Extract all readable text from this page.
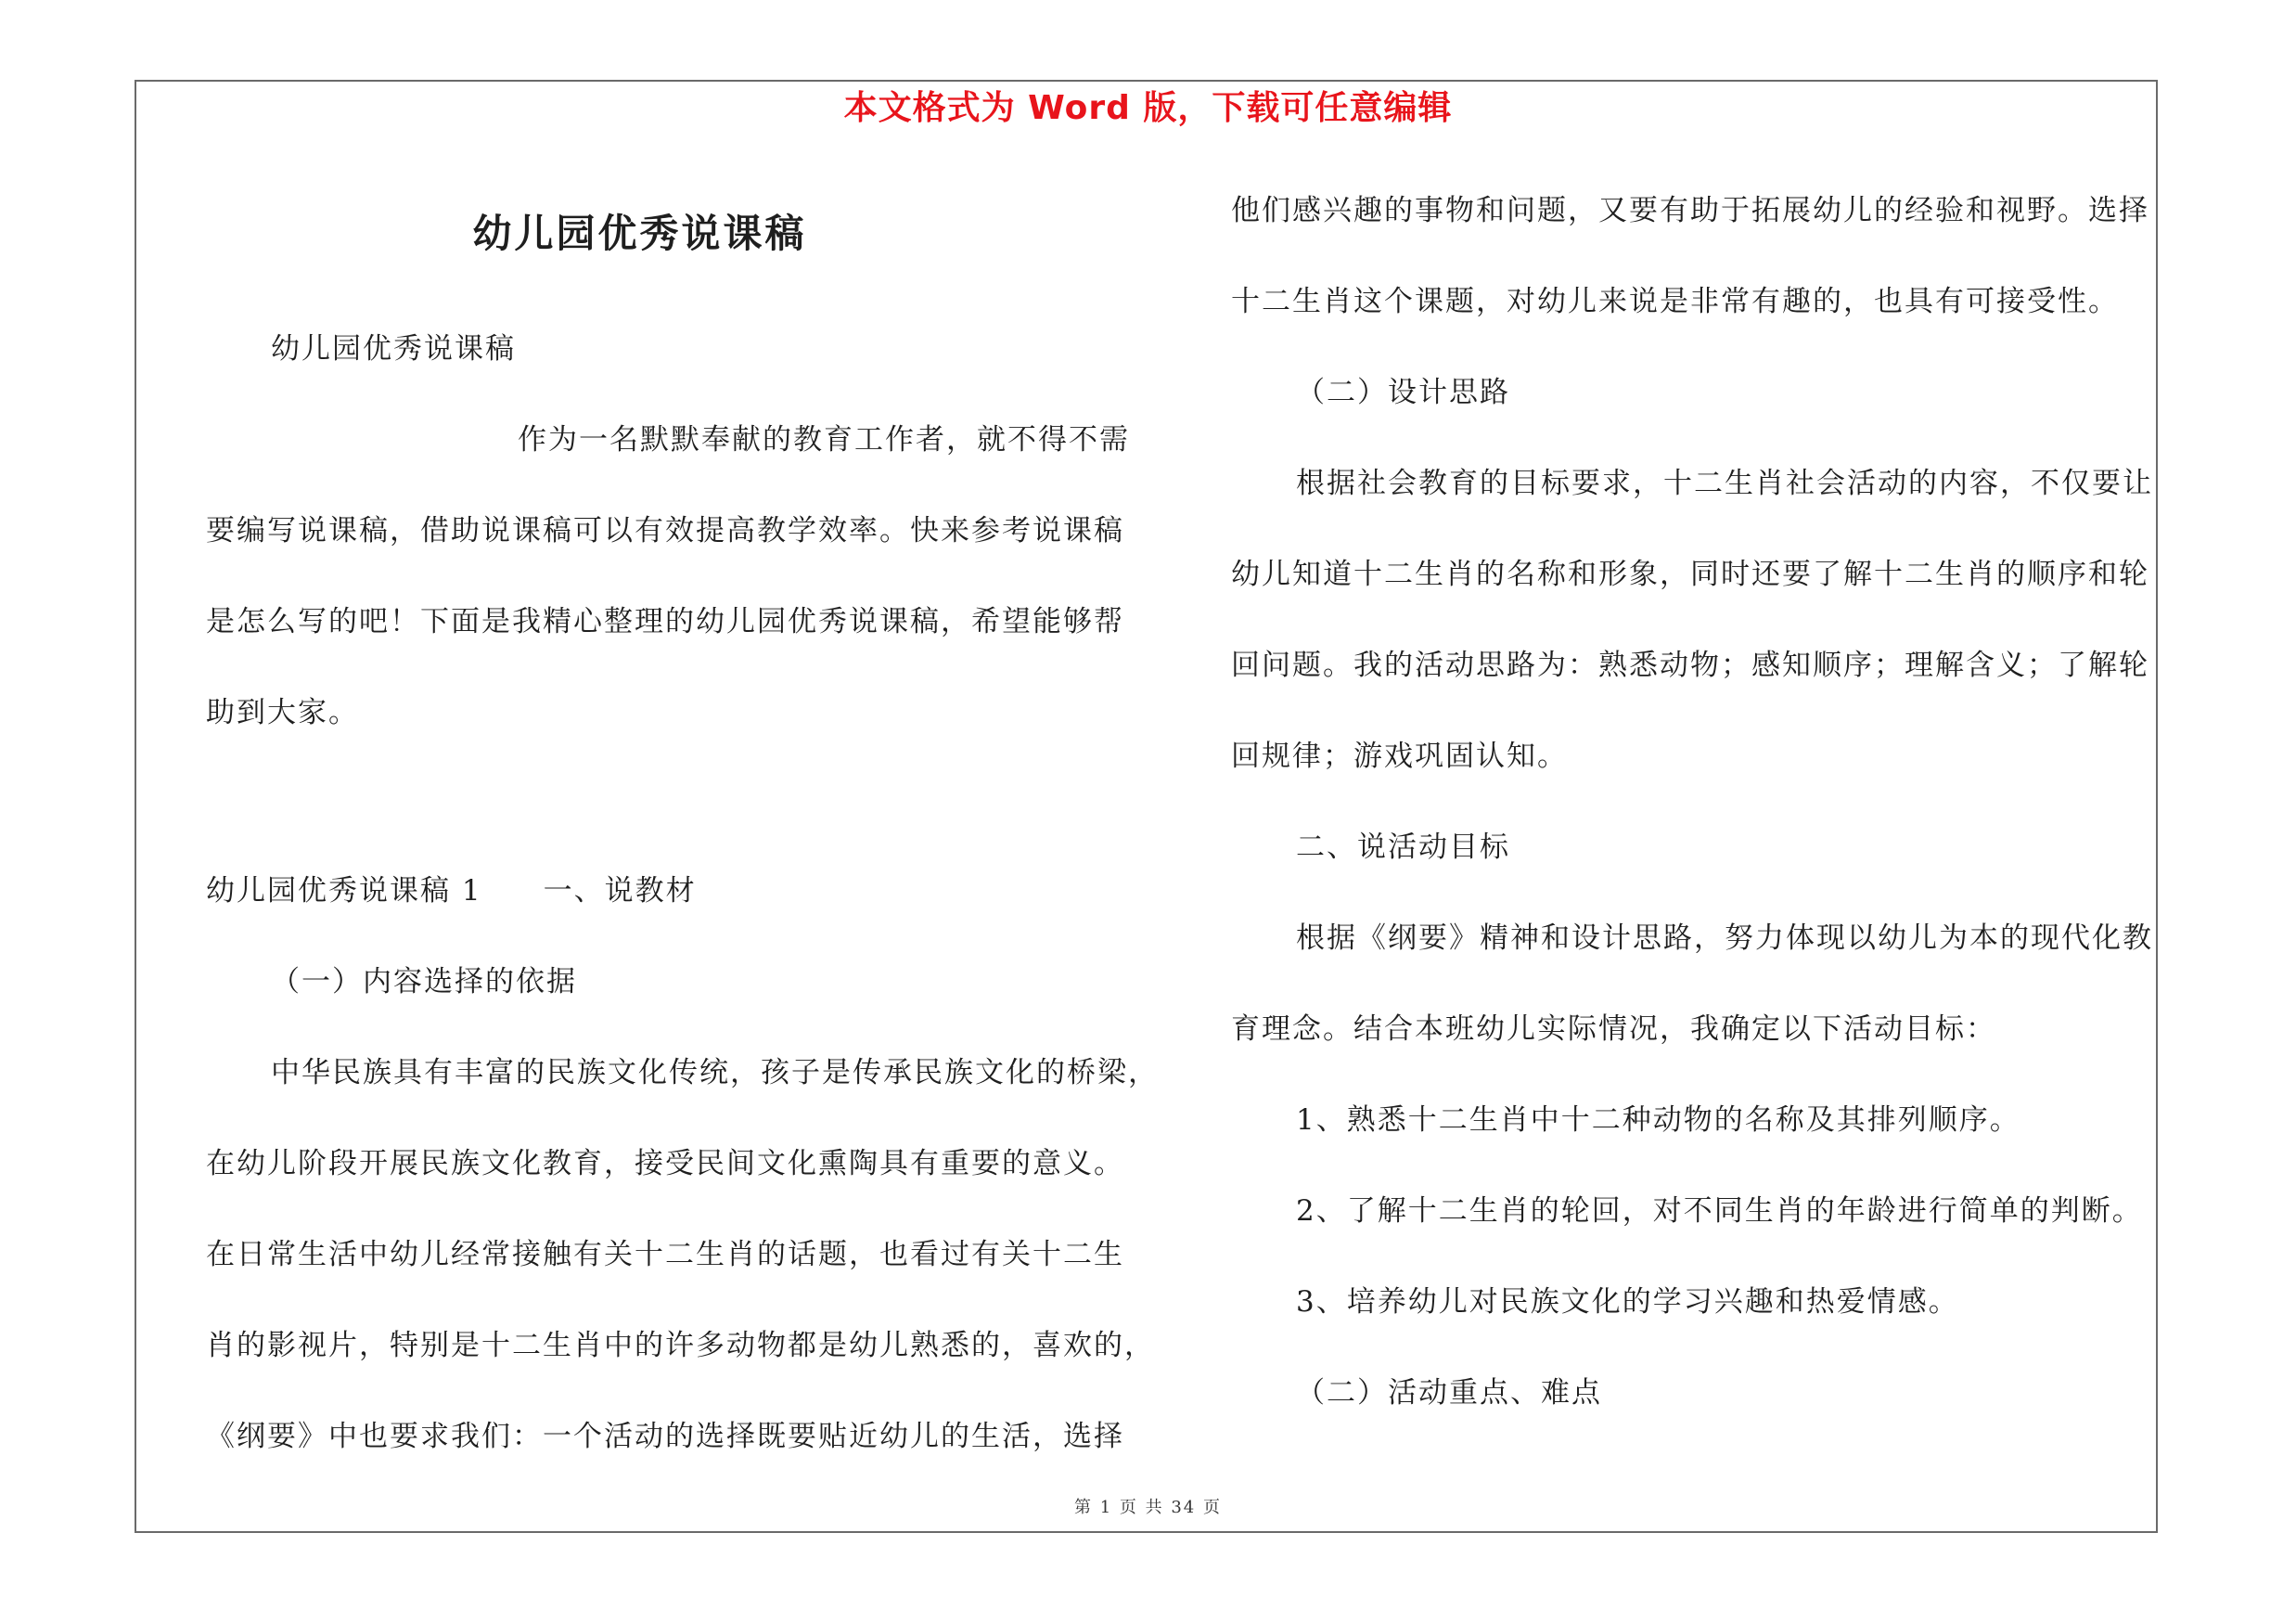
本文格式为 Word 版，下载可任意编辑
幼儿园优秀说课稿
幼儿园优秀说课稿
作为一名默默奉献的教育工作者，就不得不需
要编写说课稿，借助说课稿可以有效提高教学效率。快来参考说课稿
是怎么写的吧！下面是我精心整理的幼儿园优秀说课稿，希望能够帮
助到大家。
幼儿园优秀说课稿 1　　一、说教材
（一）内容选择的依据
中华民族具有丰富的民族文化传统，孩子是传承民族文化的桥梁，
在幼儿阶段开展民族文化教育，接受民间文化熏陶具有重要的意义。
在日常生活中幼儿经常接触有关十二生肖的话题，也看过有关十二生
肖的影视片，特别是十二生肖中的许多动物都是幼儿熟悉的，喜欢的，
《纲要》中也要求我们：一个活动的选择既要贴近幼儿的生活，选择
他们感兴趣的事物和问题，又要有助于拓展幼儿的经验和视野。选择
十二生肖这个课题，对幼儿来说是非常有趣的，也具有可接受性。
（二）设计思路
根据社会教育的目标要求，十二生肖社会活动的内容，不仅要让
幼儿知道十二生肖的名称和形象，同时还要了解十二生肖的顺序和轮
回问题。我的活动思路为：熟悉动物；感知顺序；理解含义；了解轮
回规律；游戏巩固认知。
二、说活动目标
根据《纲要》精神和设计思路，努力体现以幼儿为本的现代化教
育理念。结合本班幼儿实际情况，我确定以下活动目标：
1、熟悉十二生肖中十二种动物的名称及其排列顺序。
2、了解十二生肖的轮回，对不同生肖的年龄进行简单的判断。
3、培养幼儿对民族文化的学习兴趣和热爱情感。
（二）活动重点、难点
第 1 页 共 34 页
